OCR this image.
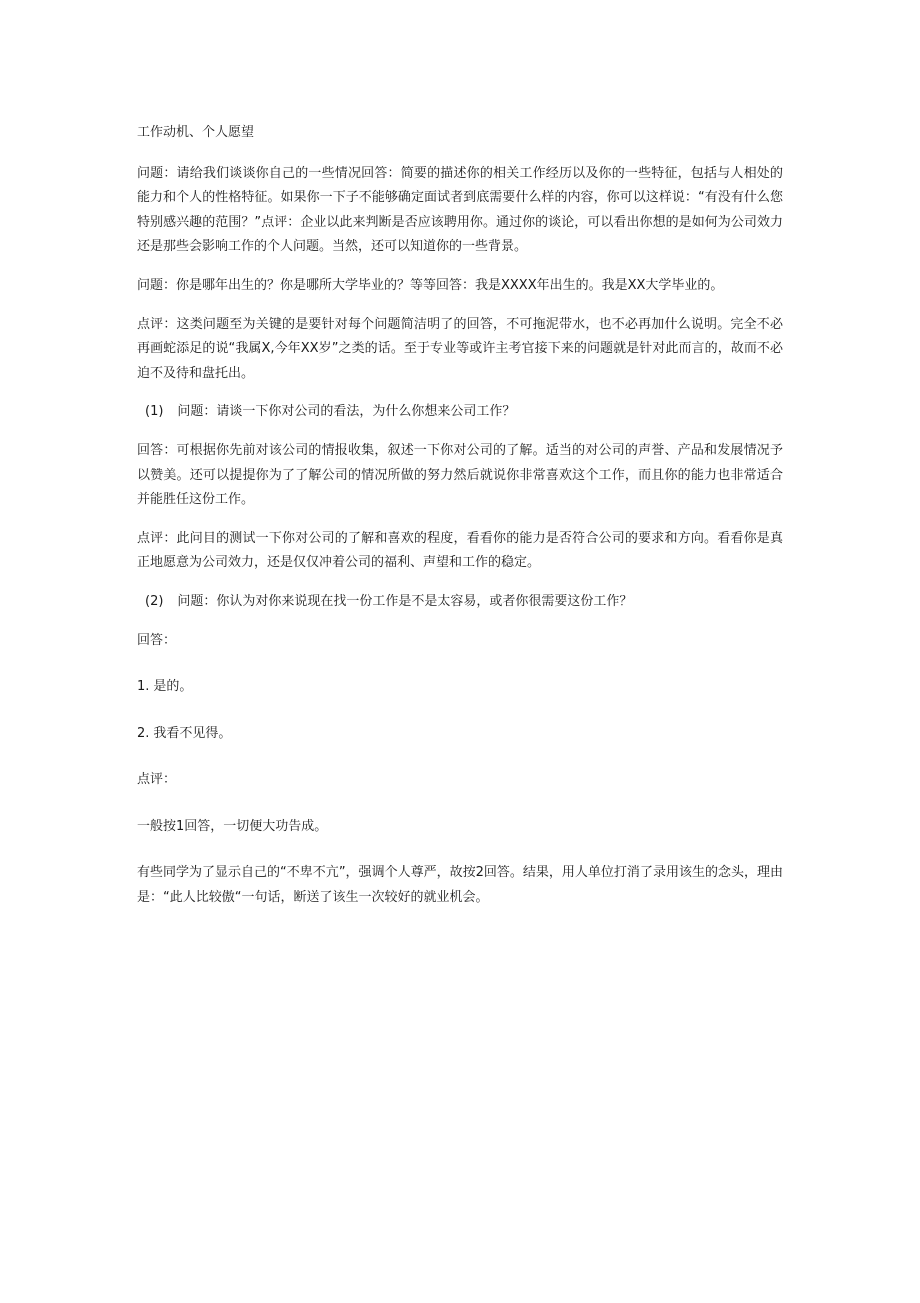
工作动机、个人愿望

问题：请给我们谈谈你自己的一些情况回答：简要的描述你的相关工作经历以及你的一些特征，包括与人相处的能力和个人的性格特征。如果你一下子不能够确定面试者到底需要什么样的内容，你可以这样说：“有没有什么您特别感兴趣的范围？”点评：企业以此来判断是否应该聘用你。通过你的谈论，可以看出你想的是如何为公司效力还是那些会影响工作的个人问题。当然，还可以知道你的一些背景。

问题：你是哪年出生的？你是哪所大学毕业的？等等回答：我是XXXX年出生的。我是XX大学毕业的。

点评：这类问题至为关键的是要针对每个问题简洁明了的回答，不可拖泥带水，也不必再加什么说明。完全不必再画蛇添足的说“我属X,今年XX岁”之类的话。至于专业等或许主考官接下来的问题就是针对此而言的，故而不必迫不及待和盘托出。

(1) 问题：请谈一下你对公司的看法，为什么你想来公司工作？

回答：可根据你先前对该公司的情报收集，叙述一下你对公司的了解。适当的对公司的声誉、产品和发展情况予以赞美。还可以提提你为了了解公司的情况所做的努力然后就说你非常喜欢这个工作，而且你的能力也非常适合并能胜任这份工作。

点评：此问目的测试一下你对公司的了解和喜欢的程度，看看你的能力是否符合公司的要求和方向。看看你是真正地愿意为公司效力，还是仅仅冲着公司的福利、声望和工作的稳定。

(2) 问题：你认为对你来说现在找一份工作是不是太容易，或者你很需要这份工作？

回答：

1. 是的。

2. 我看不见得。

点评：

一般按1回答，一切便大功告成。

有些同学为了显示自己的“不卑不亢”，强调个人尊严，故按2回答。结果，用人单位打消了录用该生的念头，理由是：“此人比较傲“一句话，断送了该生一次较好的就业机会。
